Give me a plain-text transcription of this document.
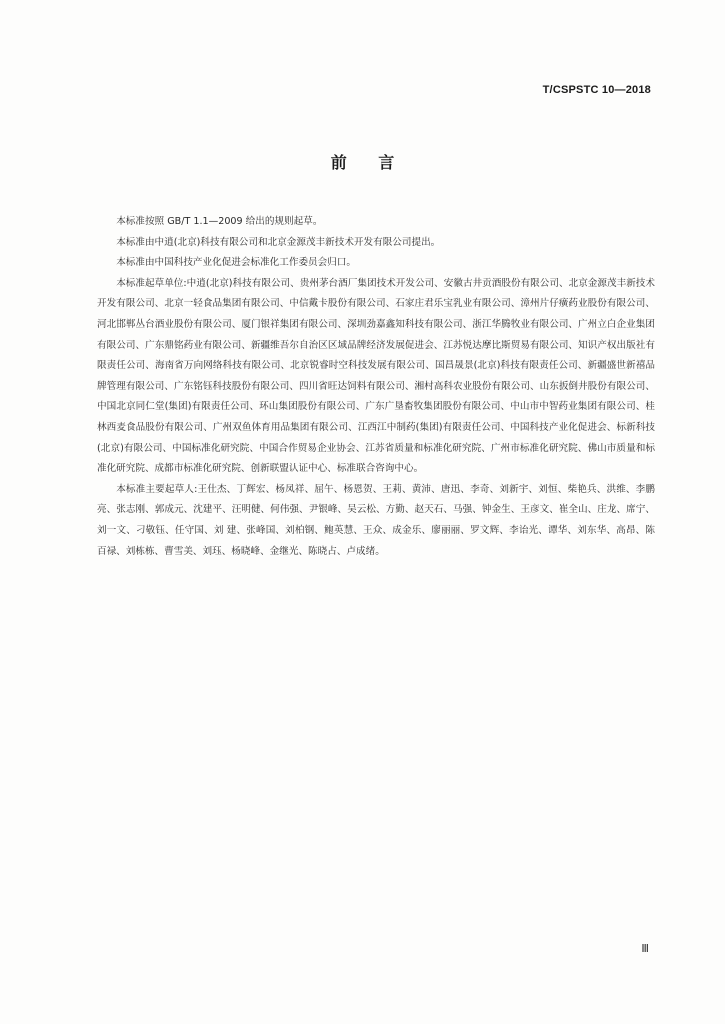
T/CSPSTC 10—2018
前 言

本标准按照 GB/T 1.1—2009 给出的规则起草。

本标准由中逍(北京)科技有限公司和北京金源茂丰新技术开发有限公司提出。

本标准由中国科技产业化促进会标准化工作委员会归口。

本标准起草单位:中逍(北京)科技有限公司、贵州茅台酒厂集团技术开发公司、安徽古井贡酒股份有限公司、北京金源茂丰新技术开发有限公司、北京一轻食品集团有限公司、中信戴卡股份有限公司、石家庄君乐宝乳业有限公司、漳州片仔癀药业股份有限公司、河北邯郸丛台酒业股份有限公司、厦门银祥集团有限公司、深圳劲嘉鑫知科技有限公司、浙江华腾牧业有限公司、广州立白企业集团有限公司、广东鼎铭药业有限公司、新疆维吾尔自治区区域品牌经济发展促进会、江苏悦达摩比斯贸易有限公司、知识产权出版社有限责任公司、海南省万向网络科技有限公司、北京锐睿时空科技发展有限公司、国昌晟景(北京)科技有限责任公司、新疆盛世新禧品牌管理有限公司、广东铭钰科技股份有限公司、四川省旺达饲料有限公司、湘村高科农业股份有限公司、山东扳倒井股份有限公司、中国北京同仁堂(集团)有限责任公司、环山集团股份有限公司、广东广垦畜牧集团股份有限公司、中山市中智药业集团有限公司、桂林西麦食品股份有限公司、广州双鱼体育用品集团有限公司、江西江中制药(集团)有限责任公司、中国科技产业化促进会、标新科技(北京)有限公司、中国标准化研究院、中国合作贸易企业协会、江苏省质量和标准化研究院、广州市标准化研究院、佛山市质量和标准化研究院、成都市标准化研究院、创新联盟认证中心、标准联合咨询中心。

本标准主要起草人:王仕杰、丁辉宏、杨凤祥、屈午、杨恩贺、王莉、黄沛、唐迅、李奇、刘新宇、刘恒、柴艳兵、洪维、李鹏亮、张志刚、郭成元、沈建平、汪明健、何伟强、尹银峰、吴云松、方勤、赵天石、马强、钟金生、王彦文、崔全山、庄龙、席宁、刘一文、刁敬钰、任守国、刘 建、张峰国、刘柏钢、鲍英慧、王众、成金乐、廖丽丽、罗文辉、李诒光、谭华、刘东华、高昂、陈百禄、刘栋栋、曹雪美、刘珏、杨晓峰、金继光、陈晓占、卢成绪。

Ⅲ
